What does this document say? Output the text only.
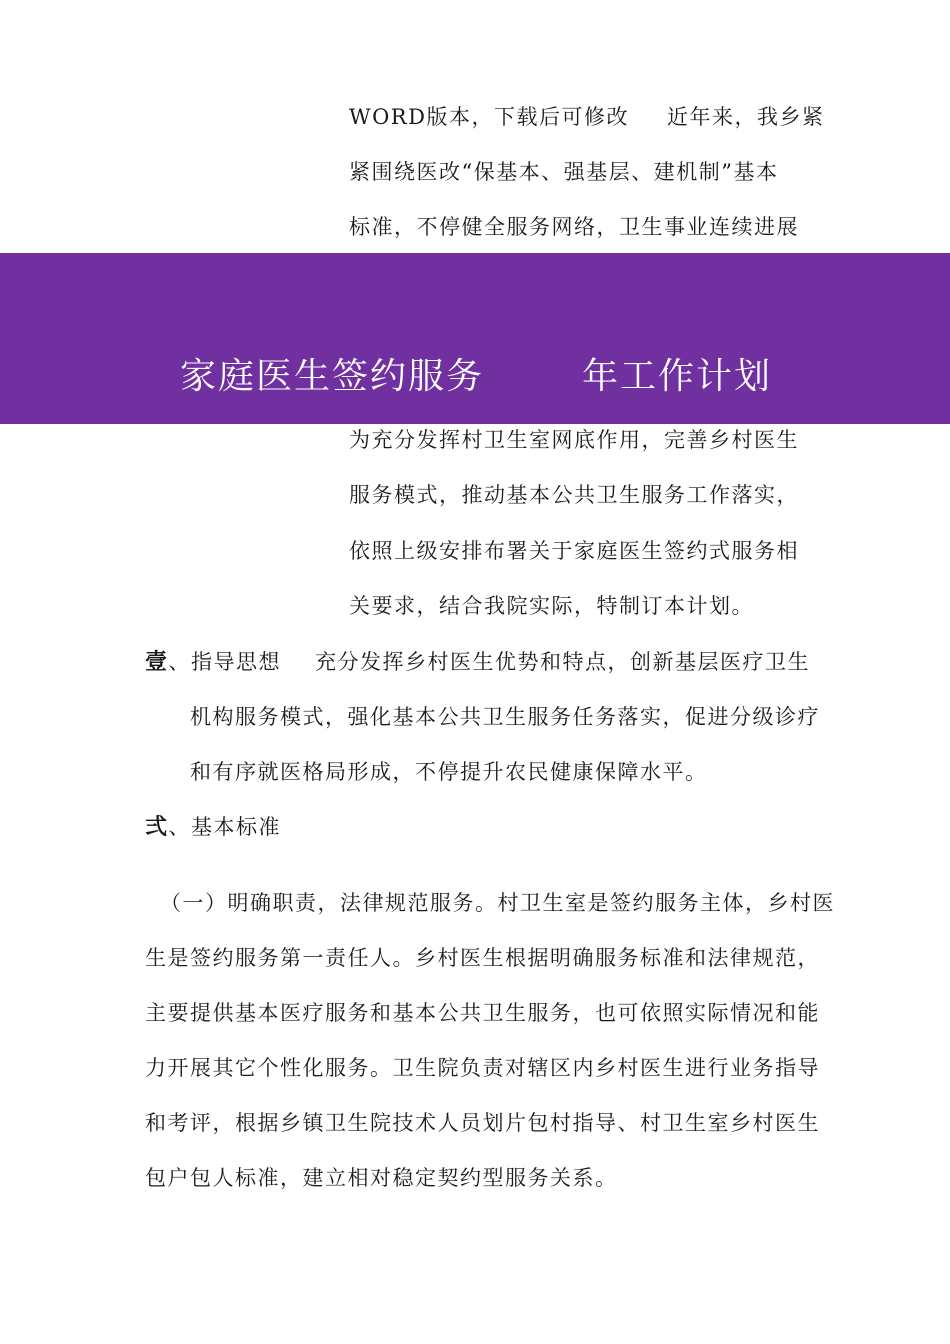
WORD版本，下载后可修改 近年来，我乡紧
紧围绕医改“保基本、强基层、建机制”基本
标准，不停健全服务网络，卫生事业连续进展
家庭医生签约服务	年工作计划
为充分发挥村卫生室网底作用，完善乡村医生
服务模式，推动基本公共卫生服务工作落实，
依照上级安排布署关于家庭医生签约式服务相
关要求，结合我院实际，特制订本计划。
壹、指导思想 充分发挥乡村医生优势和特点，创新基层医疗卫生
机构服务模式，强化基本公共卫生服务任务落实，促进分级诊疗
和有序就医格局形成，不停提升农民健康保障水平。
弍、基本标准
（一）明确职责，法律规范服务。村卫生室是签约服务主体，乡村医
生是签约服务第一责任人。乡村医生根据明确服务标准和法律规范，
主要提供基本医疗服务和基本公共卫生服务，也可依照实际情况和能
力开展其它个性化服务。卫生院负责对辖区内乡村医生进行业务指导
和考评，根据乡镇卫生院技术人员划片包村指导、村卫生室乡村医生
包户包人标准，建立相对稳定契约型服务关系。
